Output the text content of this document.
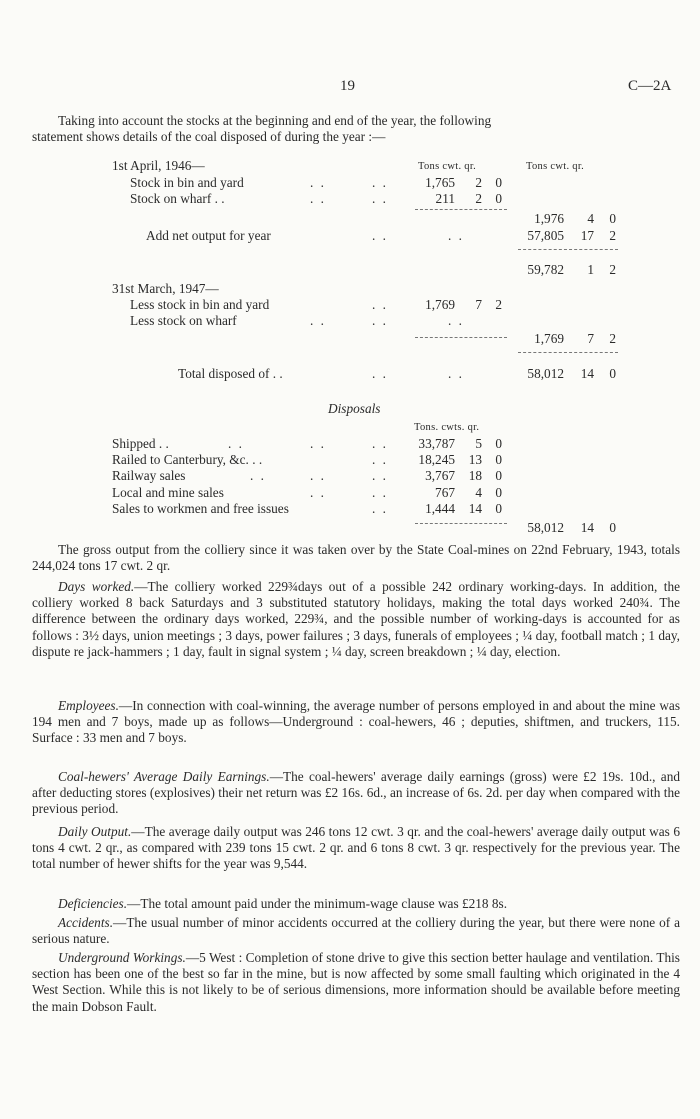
19	C—2A
Taking into account the stocks at the beginning and end of the year, the following
statement shows details of the coal disposed of during the year :—
Tons cwt. qr.	Tons cwt. qr.
1st April, 1946—
Stock in bin and yard	. .	. .	1,765	2	0
Stock on wharf . .	. .	. .	211	2	0
1,976	4	0
Add net output for year	. .	. .	57,805	17	2
59,782	1	2
31st March, 1947—
Less stock in bin and yard	. .	1,769	7	2
Less stock on wharf	. .	. .	. .
1,769	7	2
Total disposed of . .	. .	. .	58,012	14	0
Disposals
Tons. cwts. qr.
Shipped . .	. .	. .	. .	33,787	5	0
Railed to Canterbury, &c. . .	. .	18,245	13	0
Railway sales	. .	. .	. .	3,767	18	0
Local and mine sales	. .	. .	767	4	0
Sales to workmen and free issues	. .	1,444	14	0
58,012	14	0

The gross output from the colliery since it was taken over by the State Coal-mines on 22nd February, 1943, totals 244,024 tons 17 cwt. 2 qr.

Days worked.—The colliery worked 229¾days out of a possible 242 ordinary working-days. In addition, the colliery worked 8 back Saturdays and 3 substituted statutory holidays, making the total days worked 240¾. The difference between the ordinary days worked, 229¾, and the possible number of working-days is accounted for as follows : 3½ days, union meetings ; 3 days, power failures ; 3 days, funerals of employees ; ¼ day, football match ; 1 day, dispute re jack-hammers ; 1 day, fault in signal system ; ¼ day, screen breakdown ; ¼ day, election.

Employees.—In connection with coal-winning, the average number of persons employed in and about the mine was 194 men and 7 boys, made up as follows—Underground : coal-hewers, 46 ; deputies, shiftmen, and truckers, 115. Surface : 33 men and 7 boys.

Coal-hewers' Average Daily Earnings.—The coal-hewers' average daily earnings (gross) were £2 19s. 10d., and after deducting stores (explosives) their net return was £2 16s. 6d., an increase of 6s. 2d. per day when compared with the previous period.

Daily Output.—The average daily output was 246 tons 12 cwt. 3 qr. and the coal-hewers' average daily output was 6 tons 4 cwt. 2 qr., as compared with 239 tons 15 cwt. 2 qr. and 6 tons 8 cwt. 3 qr. respectively for the previous year. The total number of hewer shifts for the year was 9,544.

Deficiencies.—The total amount paid under the minimum-wage clause was £218 8s.

Accidents.—The usual number of minor accidents occurred at the colliery during the year, but there were none of a serious nature.

Underground Workings.—5 West : Completion of stone drive to give this section better haulage and ventilation. This section has been one of the best so far in the mine, but is now affected by some small faulting which originated in the 4 West Section. While this is not likely to be of serious dimensions, more information should be available before meeting the main Dobson Fault.
